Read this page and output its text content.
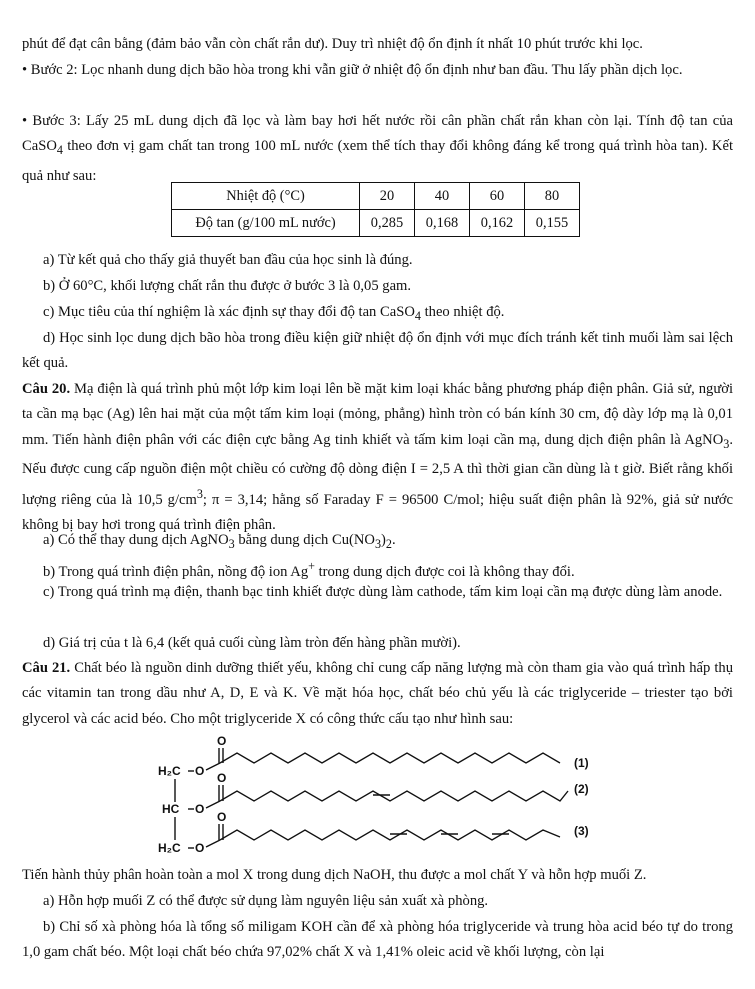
phút để đạt cân bằng (đảm bảo vẫn còn chất rắn dư). Duy trì nhiệt độ ổn định ít nhất 10 phút trước khi lọc.

• Bước 2: Lọc nhanh dung dịch bão hòa trong khi vẫn giữ ở nhiệt độ ổn định như ban đầu. Thu lấy phần dịch lọc.

• Bước 3: Lấy 25 mL dung dịch đã lọc và làm bay hơi hết nước rồi cân phần chất rắn khan còn lại. Tính độ tan của CaSO$_4$ theo đơn vị gam chất tan trong 100 mL nước (xem thể tích thay đổi không đáng kể trong quá trình hòa tan). Kết quả như sau:

Nhiệt độ (°C)	20	40	60	80
Độ tan (g/100 mL nước)	0,285	0,168	0,162	0,155

a) Từ kết quả cho thấy giả thuyết ban đầu của học sinh là đúng.

b) Ở 60°C, khối lượng chất rắn thu được ở bước 3 là 0,05 gam.

c) Mục tiêu của thí nghiệm là xác định sự thay đổi độ tan CaSO$_4$ theo nhiệt độ.

d) Học sinh lọc dung dịch bão hòa trong điều kiện giữ nhiệt độ ổn định với mục đích tránh kết tinh muối làm sai lệch kết quả.

Câu 20. Mạ điện là quá trình phủ một lớp kim loại lên bề mặt kim loại khác bằng phương pháp điện phân. Giả sử, người ta cần mạ bạc (Ag) lên hai mặt của một tấm kim loại (mỏng, phẳng) hình tròn có bán kính 30 cm, độ dày lớp mạ là 0,01 mm. Tiến hành điện phân với các điện cực bằng Ag tinh khiết và tấm kim loại cần mạ, dung dịch điện phân là AgNO$_3$. Nếu được cung cấp nguồn điện một chiều có cường độ dòng điện I = 2,5 A thì thời gian cần dùng là t giờ. Biết rằng khối lượng riêng của là 10,5 $g/cm^3$; π = 3,14; hằng số Faraday F = 96500 C/mol; hiệu suất điện phân là 92%, giả sử nước không bị bay hơi trong quá trình điện phân.

a) Có thể thay dung dịch AgNO$_3$ bằng dung dịch $Cu(NO_3)_2$.

b) Trong quá trình điện phân, nồng độ ion Ag+ trong dung dịch được coi là không thay đổi.

c) Trong quá trình mạ điện, thanh bạc tinh khiết được dùng làm cathode, tấm kim loại cần mạ được dùng làm anode.

d) Giá trị của t là 6,4 (kết quả cuối cùng làm tròn đến hàng phần mười).

Câu 21. Chất béo là nguồn dinh dưỡng thiết yếu, không chỉ cung cấp năng lượng mà còn tham gia vào quá trình hấp thụ các vitamin tan trong dầu như A, D, E và K. Về mặt hóa học, chất béo chủ yếu là các triglyceride – triester tạo bởi glycerol và các acid béo. Cho một triglyceride X có công thức cấu tạo như hình sau:

H₂C
HC
H₂C
O
O
O
O
O
O
(1)
(2)
(3)

Tiến hành thủy phân hoàn toàn a mol X trong dung dịch NaOH, thu được a mol chất Y và hỗn hợp muối Z.

a) Hỗn hợp muối Z có thể được sử dụng làm nguyên liệu sản xuất xà phòng.

b) Chỉ số xà phòng hóa là tổng số miligam KOH cần để xà phòng hóa triglyceride và trung hòa acid béo tự do trong 1,0 gam chất béo. Một loại chất béo chứa 97,02% chất X và 1,41% oleic acid về khối lượng, còn lại
